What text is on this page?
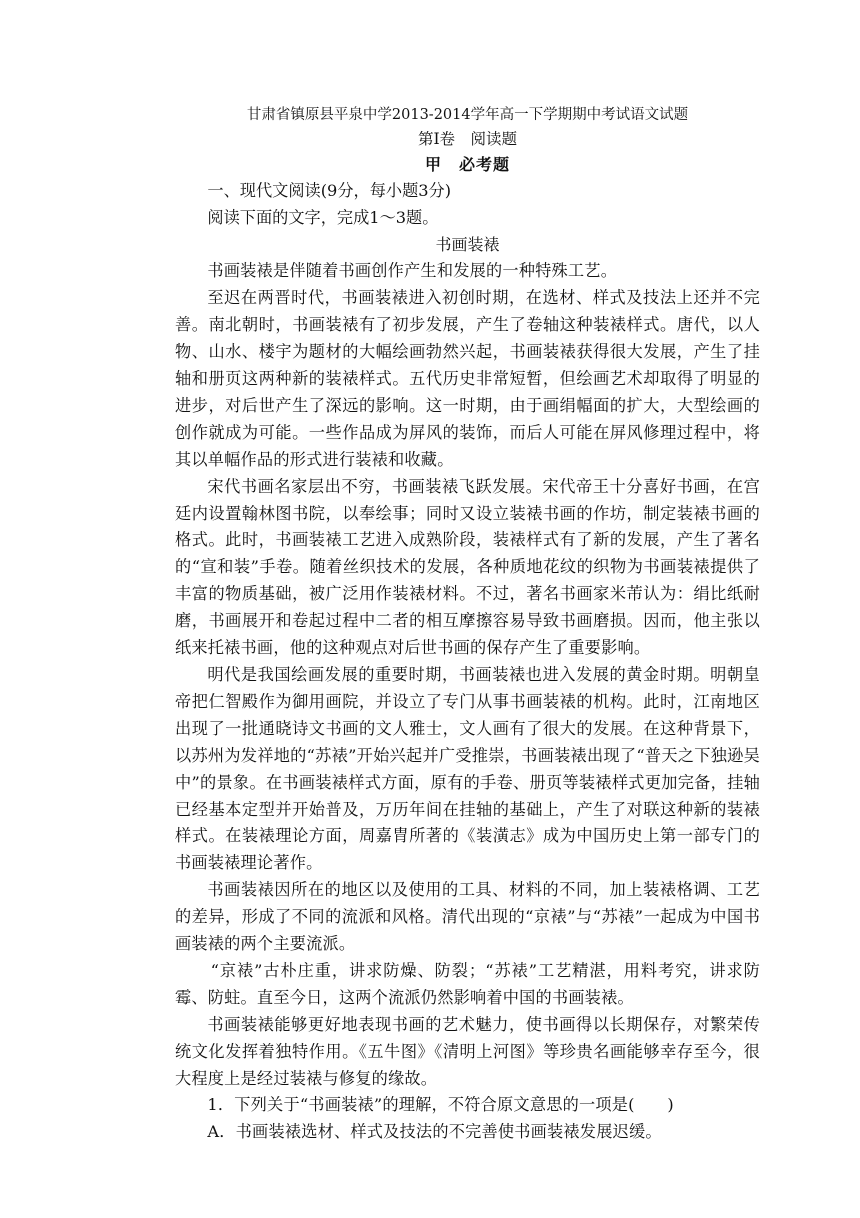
甘肃省镇原县平泉中学2013-2014学年高一下学期期中考试语文试题

第Ⅰ卷　阅读题

甲　必考题

一、现代文阅读(9分，每小题3分)

阅读下面的文字，完成1～3题。

书画装裱

书画装裱是伴随着书画创作产生和发展的一种特殊工艺。

至迟在两晋时代，书画装裱进入初创时期，在选材、样式及技法上还并不完善。南北朝时，书画装裱有了初步发展，产生了卷轴这种装裱样式。唐代，以人物、山水、楼宇为题材的大幅绘画勃然兴起，书画装裱获得很大发展，产生了挂轴和册页这两种新的装裱样式。五代历史非常短暂，但绘画艺术却取得了明显的进步，对后世产生了深远的影响。这一时期，由于画绢幅面的扩大，大型绘画的创作就成为可能。一些作品成为屏风的装饰，而后人可能在屏风修理过程中，将其以单幅作品的形式进行装裱和收藏。

宋代书画名家层出不穷，书画装裱飞跃发展。宋代帝王十分喜好书画，在宫廷内设置翰林图书院，以奉绘事；同时又设立装裱书画的作坊，制定装裱书画的格式。此时，书画装裱工艺进入成熟阶段，装裱样式有了新的发展，产生了著名的“宣和装”手卷。随着丝织技术的发展，各种质地花纹的织物为书画装裱提供了丰富的物质基础，被广泛用作装裱材料。不过，著名书画家米芾认为：绢比纸耐磨，书画展开和卷起过程中二者的相互摩擦容易导致书画磨损。因而，他主张以纸来托裱书画，他的这种观点对后世书画的保存产生了重要影响。

明代是我国绘画发展的重要时期，书画装裱也进入发展的黄金时期。明朝皇帝把仁智殿作为御用画院，并设立了专门从事书画装裱的机构。此时，江南地区出现了一批通晓诗文书画的文人雅士，文人画有了很大的发展。在这种背景下，以苏州为发祥地的“苏裱”开始兴起并广受推崇，书画装裱出现了“普天之下独逊吴中”的景象。在书画装裱样式方面，原有的手卷、册页等装裱样式更加完备，挂轴已经基本定型并开始普及，万历年间在挂轴的基础上，产生了对联这种新的装裱样式。在装裱理论方面，周嘉胄所著的《装潢志》成为中国历史上第一部专门的书画装裱理论著作。

书画装裱因所在的地区以及使用的工具、材料的不同，加上装裱格调、工艺的差异，形成了不同的流派和风格。清代出现的“京裱”与“苏裱”一起成为中国书画装裱的两个主要流派。

“京裱”古朴庄重，讲求防燥、防裂；“苏裱”工艺精湛，用料考究，讲求防霉、防蛀。直至今日，这两个流派仍然影响着中国的书画装裱。

书画装裱能够更好地表现书画的艺术魅力，使书画得以长期保存，对繁荣传统文化发挥着独特作用。《五牛图》《清明上河图》等珍贵名画能够幸存至今，很大程度上是经过装裱与修复的缘故。

1．下列关于“书画装裱”的理解，不符合原文意思的一项是(　　)

A．书画装裱选材、样式及技法的不完善使书画装裱发展迟缓。
